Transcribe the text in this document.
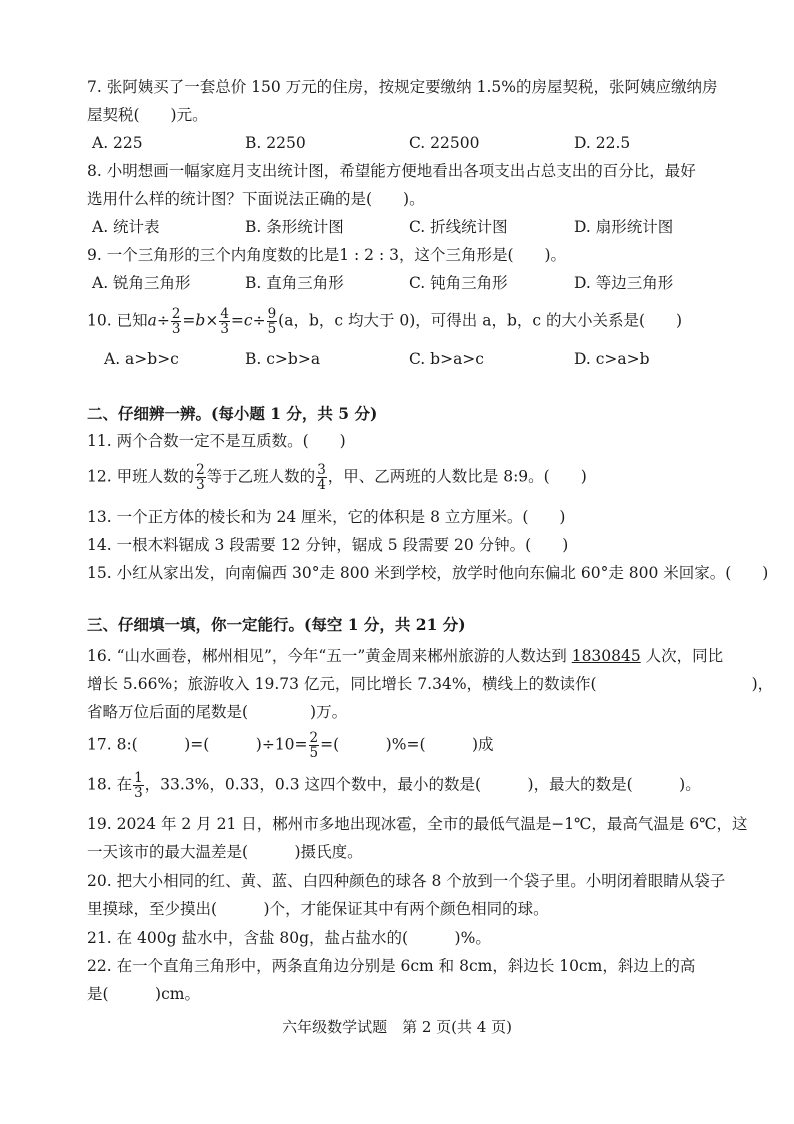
7. 张阿姨买了一套总价 150 万元的住房，按规定要缴纳 1.5%的房屋契税，张阿姨应缴纳房
屋契税(　　)元。
A. 225	B. 2250	C. 22500	D. 22.5
8. 小明想画一幅家庭月支出统计图，希望能方便地看出各项支出占总支出的百分比，最好
选用什么样的统计图？下面说法正确的是(　　)。
A. 统计表	B. 条形统计图	C. 折线统计图	D. 扇形统计图
9. 一个三角形的三个内角度数的比是1 : 2 : 3，这个三角形是(　　)。
A. 锐角三角形	B. 直角三角形	C. 钝角三角形	D. 等边三角形
10. 已知$a\div \frac{2}{3} =b\times \frac{4}{3} =c\div \frac{9}{5} (a$，b，c 均大于 0)，可得出 a，b，c 的大小关系是(　　)
A. a>b>c	B. c>b>a	C. b>a>c	D. c>a>b
二、仔细辨一辨。(每小题 1 分，共 5 分)
11. 两个合数一定不是互质数。(　　)
12. 甲班人数的 $\frac{2}{3}$ 等于乙班人数的 $\frac{3}{4}$ ，甲、乙两班的人数比是 8:9。(　　)
13. 一个正方体的棱长和为 24 厘米，它的体积是 8 立方厘米。(　　)
14. 一根木料锯成 3 段需要 12 分钟，锯成 5 段需要 20 分钟。(　　)
15. 小红从家出发，向南偏西 30°走 800 米到学校，放学时他向东偏北 60°走 800 米回家。(　　)
三、仔细填一填，你一定能行。(每空 1 分，共 21 分)
16. “山水画卷，郴州相见”，今年“五一”黄金周来郴州旅游的人数达到 1830845 人次，同比
增长 5.66%；旅游收入 19.73 亿元，同比增长 7.34%，横线上的数读作(　　　　　　　　　　)，
省略万位后面的尾数是(　　　　)万。
17. 8:(　　　)=(　　　)$\div 10= \frac{2}{5}$ =(　　　)%=(　　　)成
18. 在 $\frac{1}{3}$ ，33.3%，0.33，0.3 这四个数中，最小的数是(　　　)，最大的数是(　　　)。
19. 2024 年 2 月 21 日，郴州市多地出现冰雹，全市的最低气温是−1℃，最高气温是 6℃，这
一天该市的最大温差是(　　　)摄氏度。
20. 把大小相同的红、黄、蓝、白四种颜色的球各 8 个放到一个袋子里。小明闭着眼睛从袋子
里摸球，至少摸出(　　　)个，才能保证其中有两个颜色相同的球。
21. 在 400g 盐水中，含盐 80g，盐占盐水的(　　　)%。
22. 在一个直角三角形中，两条直角边分别是 6cm 和 8cm，斜边长 10cm，斜边上的高
是(　　　)cm。
六年级数学试题　第 2 页(共 4 页)
